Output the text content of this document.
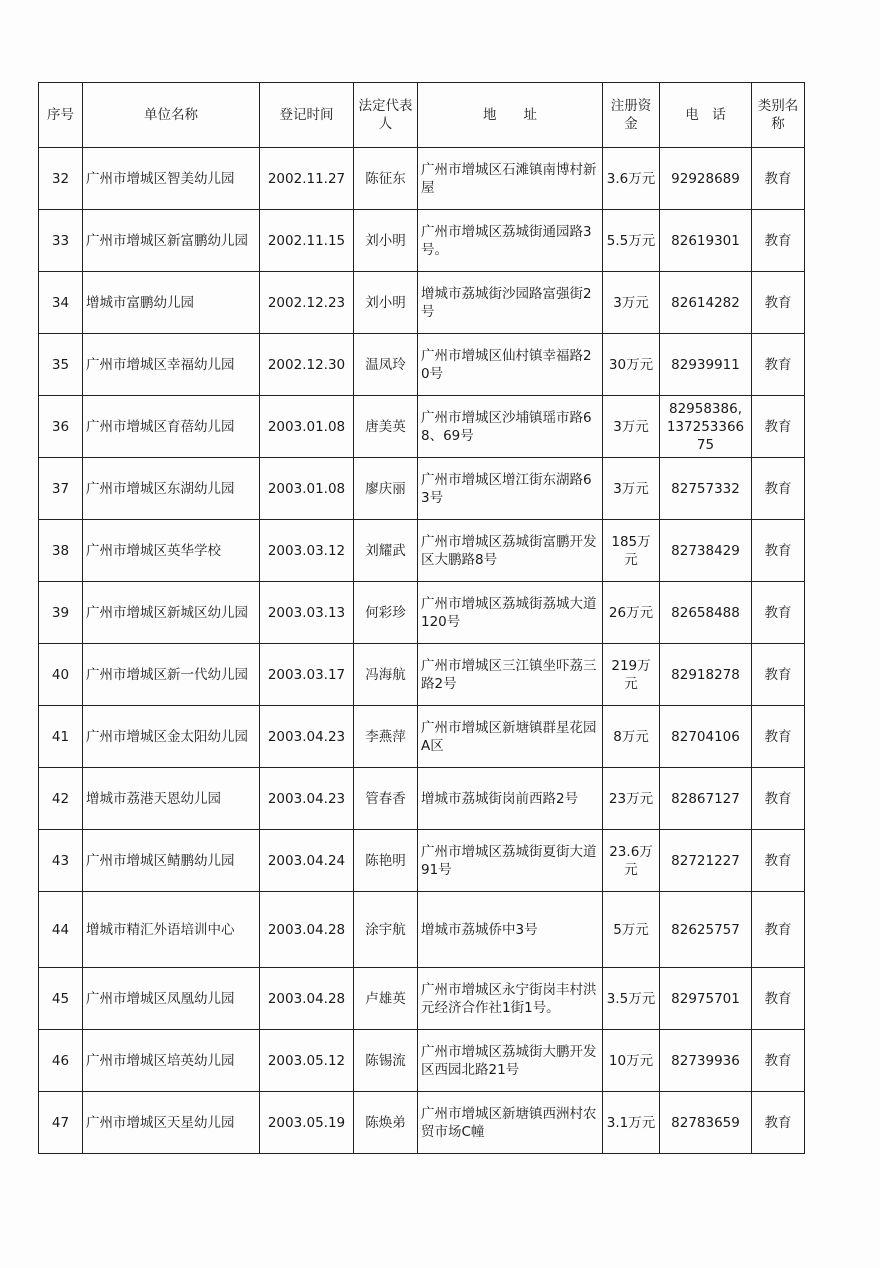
序号	单位名称	登记时间	法定代表人	地　　址	注册资金	电　话	类别名称
32	广州市增城区智美幼儿园	2002.11.27	陈征东	广州市增城区石滩镇南博村新屋	3.6万元	92928689	教育
33	广州市增城区新富鹏幼儿园	2002.11.15	刘小明	广州市增城区荔城街通园路3号。	5.5万元	82619301	教育
34	增城市富鹏幼儿园	2002.12.23	刘小明	增城市荔城街沙园路富强街2号	3万元	82614282	教育
35	广州市增城区幸福幼儿园	2002.12.30	温凤玲	广州市增城区仙村镇幸福路20号	30万元	82939911	教育
36	广州市增城区育蓓幼儿园	2003.01.08	唐美英	广州市增城区沙埔镇瑶市路68、69号	3万元	82958386, 13725336675	教育
37	广州市增城区东湖幼儿园	2003.01.08	廖庆丽	广州市增城区增江街东湖路63号	3万元	82757332	教育
38	广州市增城区英华学校	2003.03.12	刘耀武	广州市增城区荔城街富鹏开发区大鹏路8号	185万元	82738429	教育
39	广州市增城区新城区幼儿园	2003.03.13	何彩珍	广州市增城区荔城街荔城大道120号	26万元	82658488	教育
40	广州市增城区新一代幼儿园	2003.03.17	冯海航	广州市增城区三江镇坐吓荔三路2号	219万元	82918278	教育
41	广州市增城区金太阳幼儿园	2003.04.23	李燕萍	广州市增城区新塘镇群星花园A区	8万元	82704106	教育
42	增城市荔港天恩幼儿园	2003.04.23	管春香	增城市荔城街岗前西路2号	23万元	82867127	教育
43	广州市增城区鲭鹏幼儿园	2003.04.24	陈艳明	广州市增城区荔城街夏街大道91号	23.6万元	82721227	教育
44	增城市精汇外语培训中心	2003.04.28	涂宇航	增城市荔城侨中3号	5万元	82625757	教育
45	广州市增城区凤凰幼儿园	2003.04.28	卢雄英	广州市增城区永宁街岗丰村洪元经济合作社1街1号。	3.5万元	82975701	教育
46	广州市增城区培英幼儿园	2003.05.12	陈锡流	广州市增城区荔城街大鹏开发区西园北路21号	10万元	82739936	教育
47	广州市增城区天星幼儿园	2003.05.19	陈焕弟	广州市增城区新塘镇西洲村农贸市场C幢	3.1万元	82783659	教育
